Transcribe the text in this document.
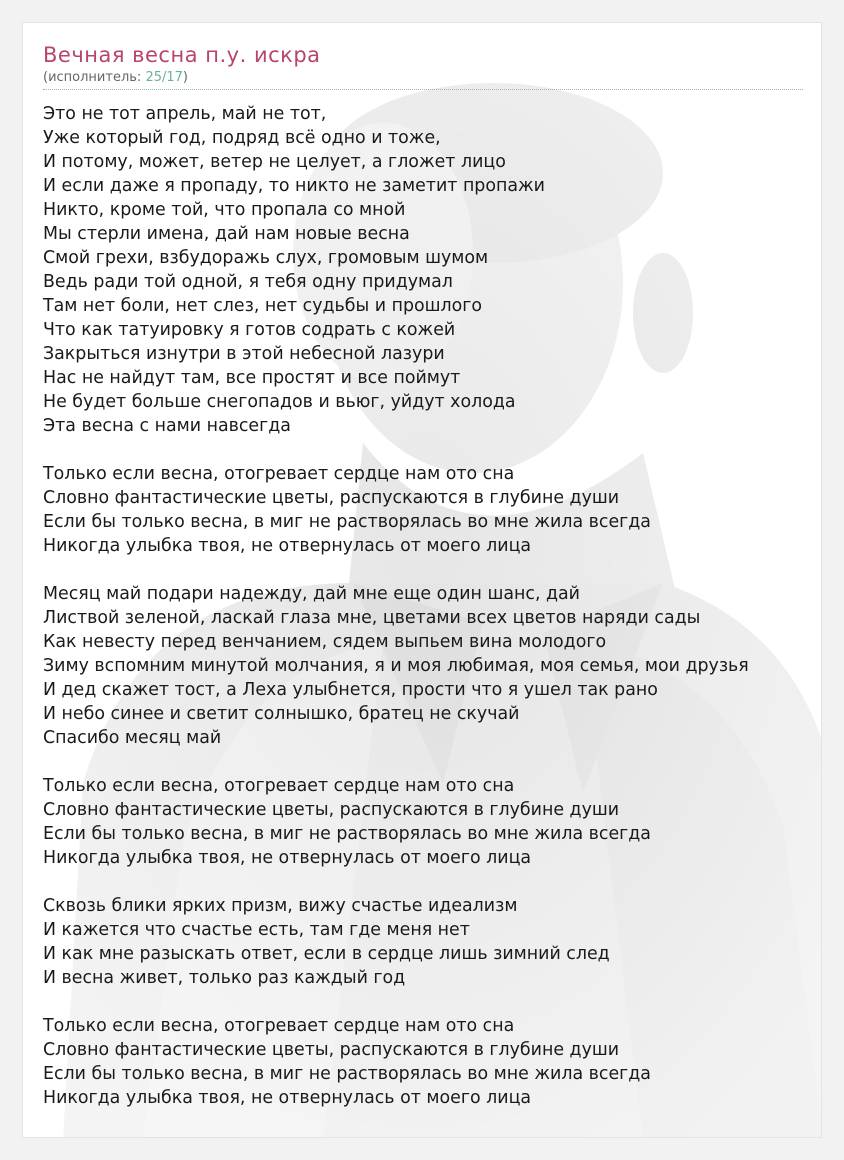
Вечная весна п.у. искра
(исполнитель: 25/17)
Это не тот апрель, май не тот,
Уже который год, подряд всё одно и тоже,
И потому, может, ветер не целует, а гложет лицо
И если даже я пропаду, то никто не заметит пропажи
Никто, кроме той, что пропала со мной
Мы стерли имена, дай нам новые весна
Смой грехи, взбудоражь слух, громовым шумом
Ведь ради той одной, я тебя одну придумал
Там нет боли, нет слез, нет судьбы и прошлого
Что как татуировку я готов содрать с кожей
Закрыться изнутри в этой небесной лазури
Нас не найдут там, все простят и все поймут
Не будет больше снегопадов и вьюг, уйдут холода
Эта весна с нами навсегда
Только если весна, отогревает сердце нам ото сна
Словно фантастические цветы, распускаются в глубине души
Если бы только весна, в миг не растворялась во мне жила всегда
Никогда улыбка твоя, не отвернулась от моего лица
Месяц май подари надежду, дай мне еще один шанс, дай
Листвой зеленой, ласкай глаза мне, цветами всех цветов наряди сады
Как невесту перед венчанием, сядем выпьем вина молодого
Зиму вспомним минутой молчания, я и моя любимая, моя семья, мои друзья
И дед скажет тост, а Леха улыбнется, прости что я ушел так рано
И небо синее и светит солнышко, братец не скучай
Спасибо месяц май
Только если весна, отогревает сердце нам ото сна
Словно фантастические цветы, распускаются в глубине души
Если бы только весна, в миг не растворялась во мне жила всегда
Никогда улыбка твоя, не отвернулась от моего лица
Сквозь блики ярких призм, вижу счастье идеализм
И кажется что счастье есть, там где меня нет
И как мне разыскать ответ, если в сердце лишь зимний след
И весна живет, только раз каждый год
Только если весна, отогревает сердце нам ото сна
Словно фантастические цветы, распускаются в глубине души
Если бы только весна, в миг не растворялась во мне жила всегда
Никогда улыбка твоя, не отвернулась от моего лица
